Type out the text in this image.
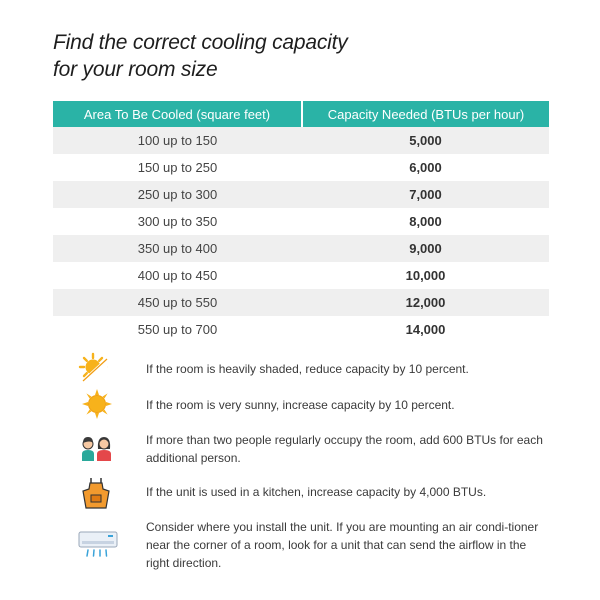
Find the correct cooling capacity
for your room size
Area To Be Cooled (square feet)	Capacity Needed (BTUs per hour)
100 up to 150	5,000
150 up to 250	6,000
250 up to 300	7,000
300 up to 350	8,000
350 up to 400	9,000
400 up to 450	10,000
450 up to 550	12,000
550 up to 700	14,000
If the room is heavily shaded, reduce capacity by 10 percent.
If the room is very sunny, increase capacity by 10 percent.
If more than two people regularly occupy the room, add 600 BTUs for each additional person.
If the unit is used in a kitchen, increase capacity by 4,000 BTUs.
Consider where you install the unit. If you are mounting an air condi-tioner near the corner of a room, look for a unit that can send the airflow in the right direction.
